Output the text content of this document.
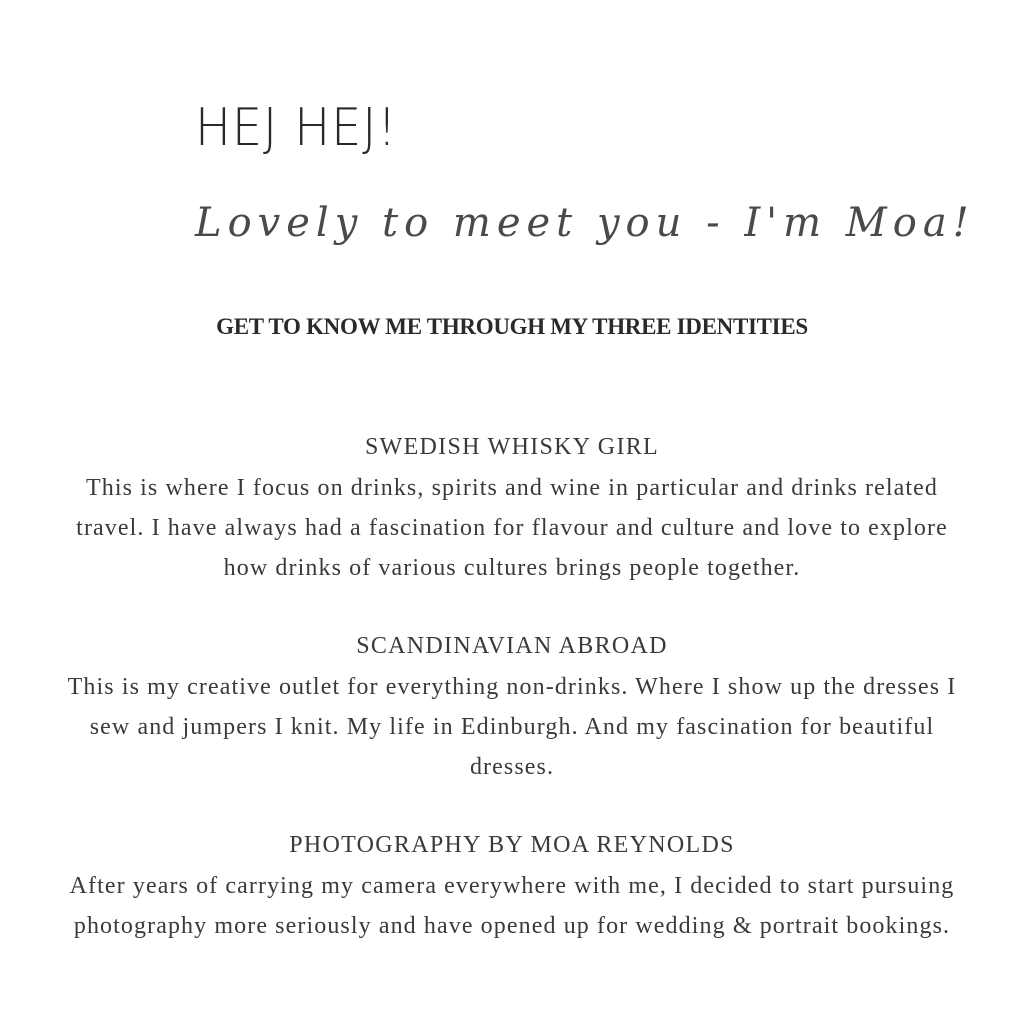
HEJ HEJ!

Lovely to meet you - I'm Moa!

GET TO KNOW ME THROUGH MY THREE IDENTITIES
SWEDISH WHISKY GIRL

This is where I focus on drinks, spirits and wine in particular and drinks related travel. I have always had a fascination for flavour and culture and love to explore how drinks of various cultures brings people together.

SCANDINAVIAN ABROAD

This is my creative outlet for everything non-drinks. Where I show up the dresses I sew and jumpers I knit. My life in Edinburgh. And my fascination for beautiful dresses.

PHOTOGRAPHY BY MOA REYNOLDS

After years of carrying my camera everywhere with me, I decided to start pursuing photography more seriously and have opened up for wedding & portrait bookings.
